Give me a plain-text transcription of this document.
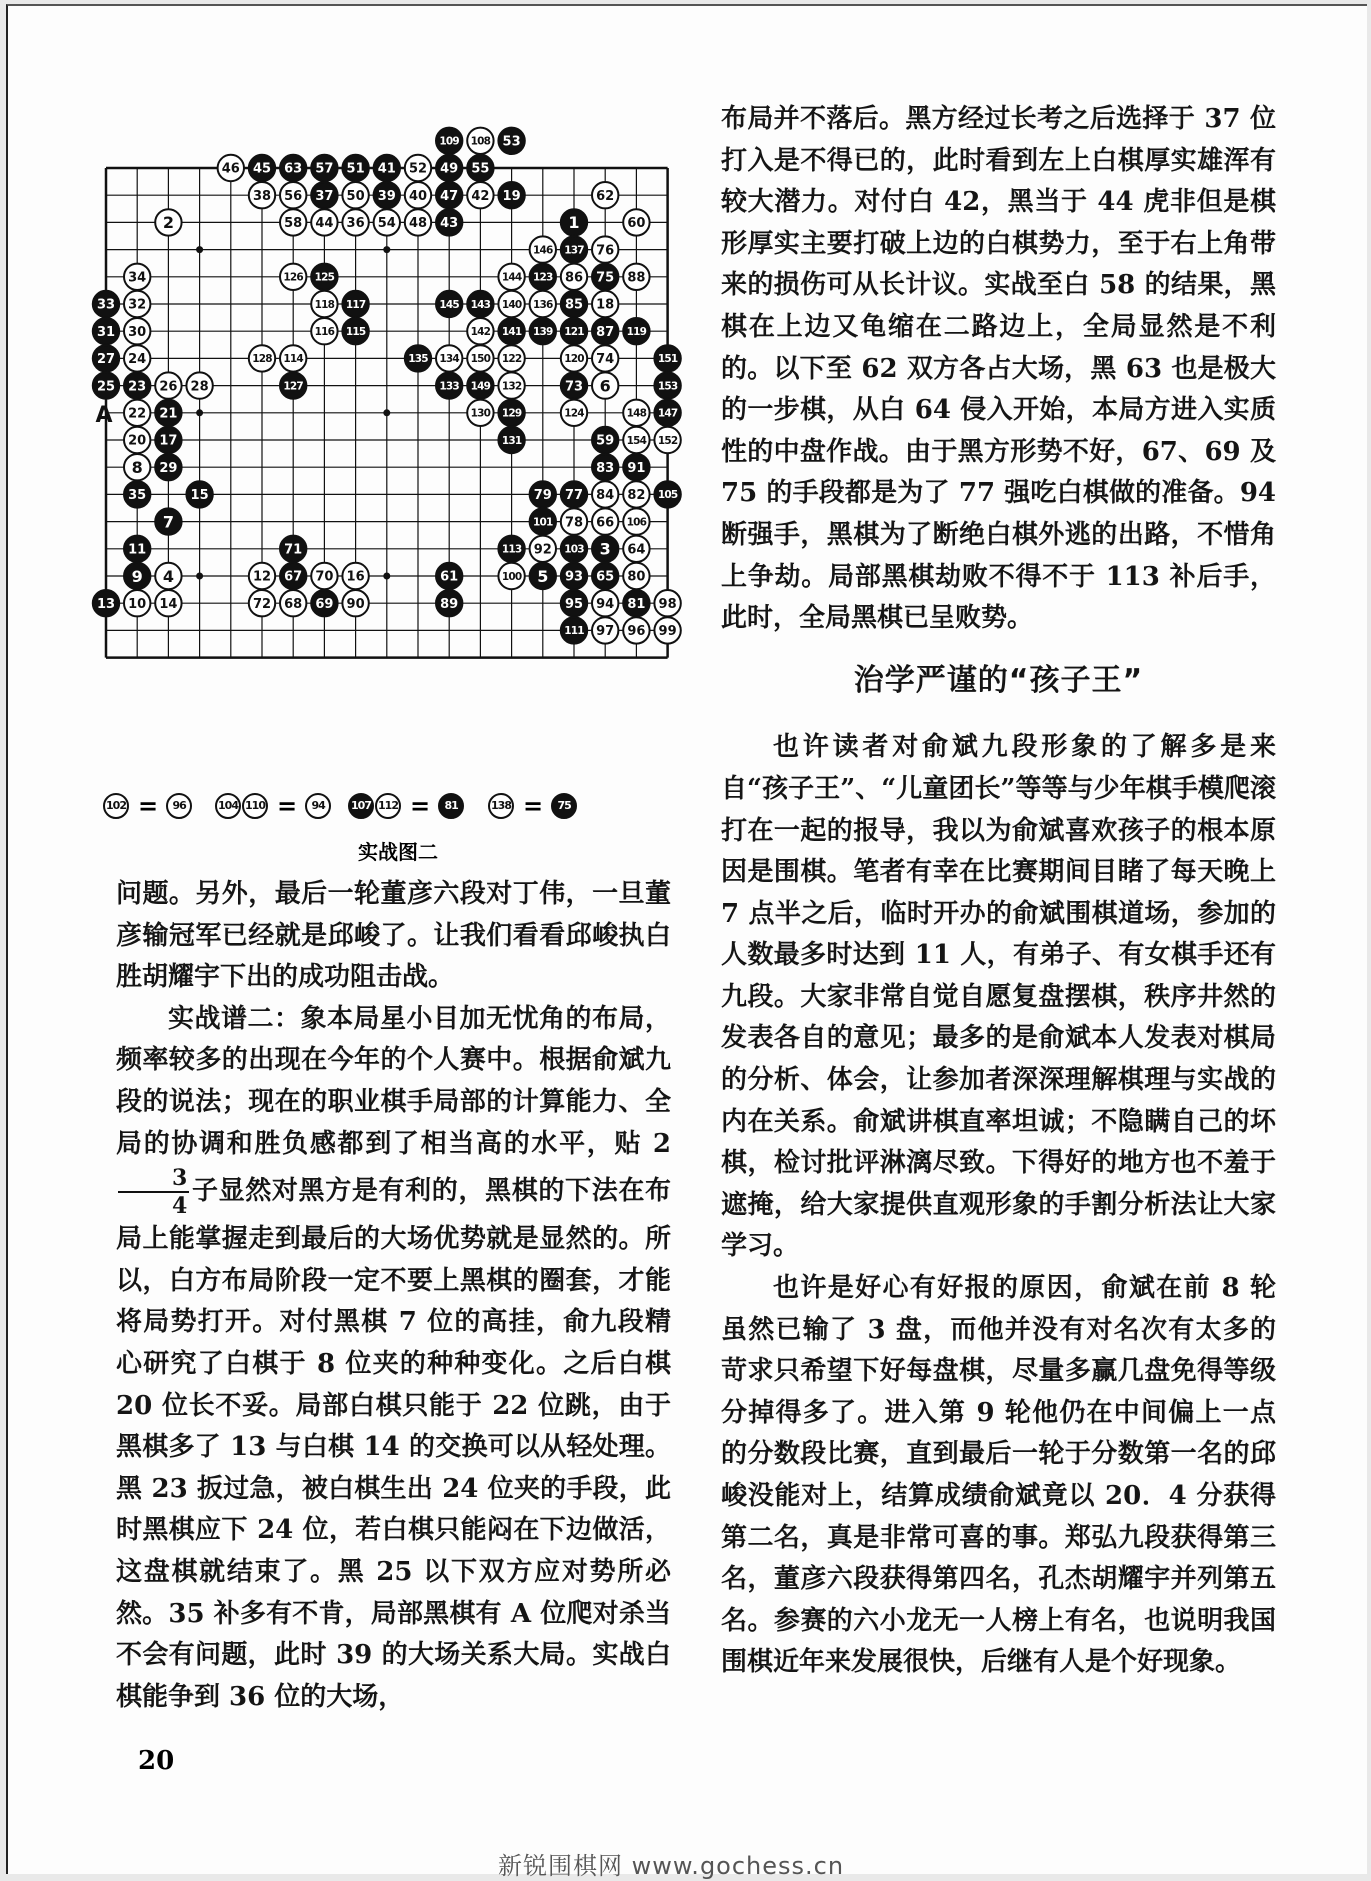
109 108 53
46 45 63 57 51 41 52 49 55
38 56 37 50 39 40 47 42 19	62
2	58 44 36 54 48 43	1	60
146 137 76
34	126 125	144 123 86 75 88
33 32	118 117	145 143 140 136 85 18
31 30	116 115	142 141 139 121 87 119
27 24	128 114	135 134 150 122	120 74	151
25 23 26 28	127	133 149 132	73 6	153
22 21	130 129	124	148 147
20 17	131	59 154 152
8 29	83 91
35	15	79 77 84 82 105
7	101 78 66 106
11	71	113 92 103 3 64
9 4	12 67 70 16	61	100 5 93 65 80
13 10 14	72 68 69 90	89	95 94 81 98
111 97 96 99
A
102 =	96	104 110 =	94	107 112 =	81	138 =	75
实战图二

问题。另外，最后一轮董彦六段对丁伟，一旦董彦输冠军已经就是邱峻了。让我们看看邱峻执白胜胡耀宇下出的成功阻击战。

实战谱二：象本局星小目加无忧角的布局，频率较多的出现在今年的个人赛中。根据俞斌九段的说法；现在的职业棋手局部的计算能力、全局的协调和胜负感都到了相当高的水平，贴 2
$\frac{3}{4}$ 子显然对黑方是有利的，黑棋的下法在布局上能掌握走到最后的大场优势就是显然的。所以，白方布局阶段一定不要上黑棋的圈套，才能将局势打开。对付黑棋 7 位的高挂，俞九段精心研究了白棋于 8 位夹的种种变化。之后白棋 20 位长不妥。局部白棋只能于 22 位跳，由于黑棋多了 13 与白棋 14 的交换可以从轻处理。黑 23 扳过急，被白棋生出 24 位夹的手段，此时黑棋应下 24 位，若白棋只能闷在下边做活，这盘棋就结束了。黑 25 以下双方应对势所必然。35 补多有不肯，局部黑棋有 A 位爬对杀当不会有问题，此时 39 的大场关系大局。实战白棋能争到 36 位的大场，

布局并不落后。黑方经过长考之后选择于 37 位打入是不得已的，此时看到左上白棋厚实雄浑有较大潜力。对付白 42，黑当于 44 虎非但是棋形厚实主要打破上边的白棋势力，至于右上角带来的损伤可从长计议。实战至白 58 的结果，黑棋在上边又龟缩在二路边上，全局显然是不利的。以下至 62 双方各占大场，黑 63 也是极大的一步棋，从白 64 侵入开始，本局方进入实质性的中盘作战。由于黑方形势不好，67、69 及 75 的手段都是为了 77 强吃白棋做的准备。94 断强手，黑棋为了断绝白棋外逃的出路，不惜角上争劫。局部黑棋劫败不得不于 113 补后手，此时，全局黑棋已呈败势。

治学严谨的“孩子王”

也许读者对俞斌九段形象的了解多是来自“孩子王”、“儿童团长”等等与少年棋手模爬滚打在一起的报导，我以为俞斌喜欢孩子的根本原因是围棋。笔者有幸在比赛期间目睹了每天晚上 7 点半之后，临时开办的俞斌围棋道场，参加的人数最多时达到 11 人，有弟子、有女棋手还有九段。大家非常自觉自愿复盘摆棋，秩序井然的发表各自的意见；最多的是俞斌本人发表对棋局的分析、体会，让参加者深深理解棋理与实战的内在关系。俞斌讲棋直率坦诚；不隐瞒自己的坏棋，检讨批评淋漓尽致。下得好的地方也不羞于遮掩，给大家提供直观形象的手割分析法让大家学习。

也许是好心有好报的原因，俞斌在前 8 轮虽然已输了 3 盘，而他并没有对名次有太多的苛求只希望下好每盘棋，尽量多赢几盘免得等级分掉得多了。进入第 9 轮他仍在中间偏上一点的分数段比赛，直到最后一轮于分数第一名的邱峻没能对上，结算成绩俞斌竟以 20．4 分获得第二名，真是非常可喜的事。郑弘九段获得第三名，董彦六段获得第四名，孔杰胡耀宇并列第五名。参赛的六小龙无一人榜上有名，也说明我国围棋近年来发展很快，后继有人是个好现象。

20
新锐围棋网 www.gochess.cn
